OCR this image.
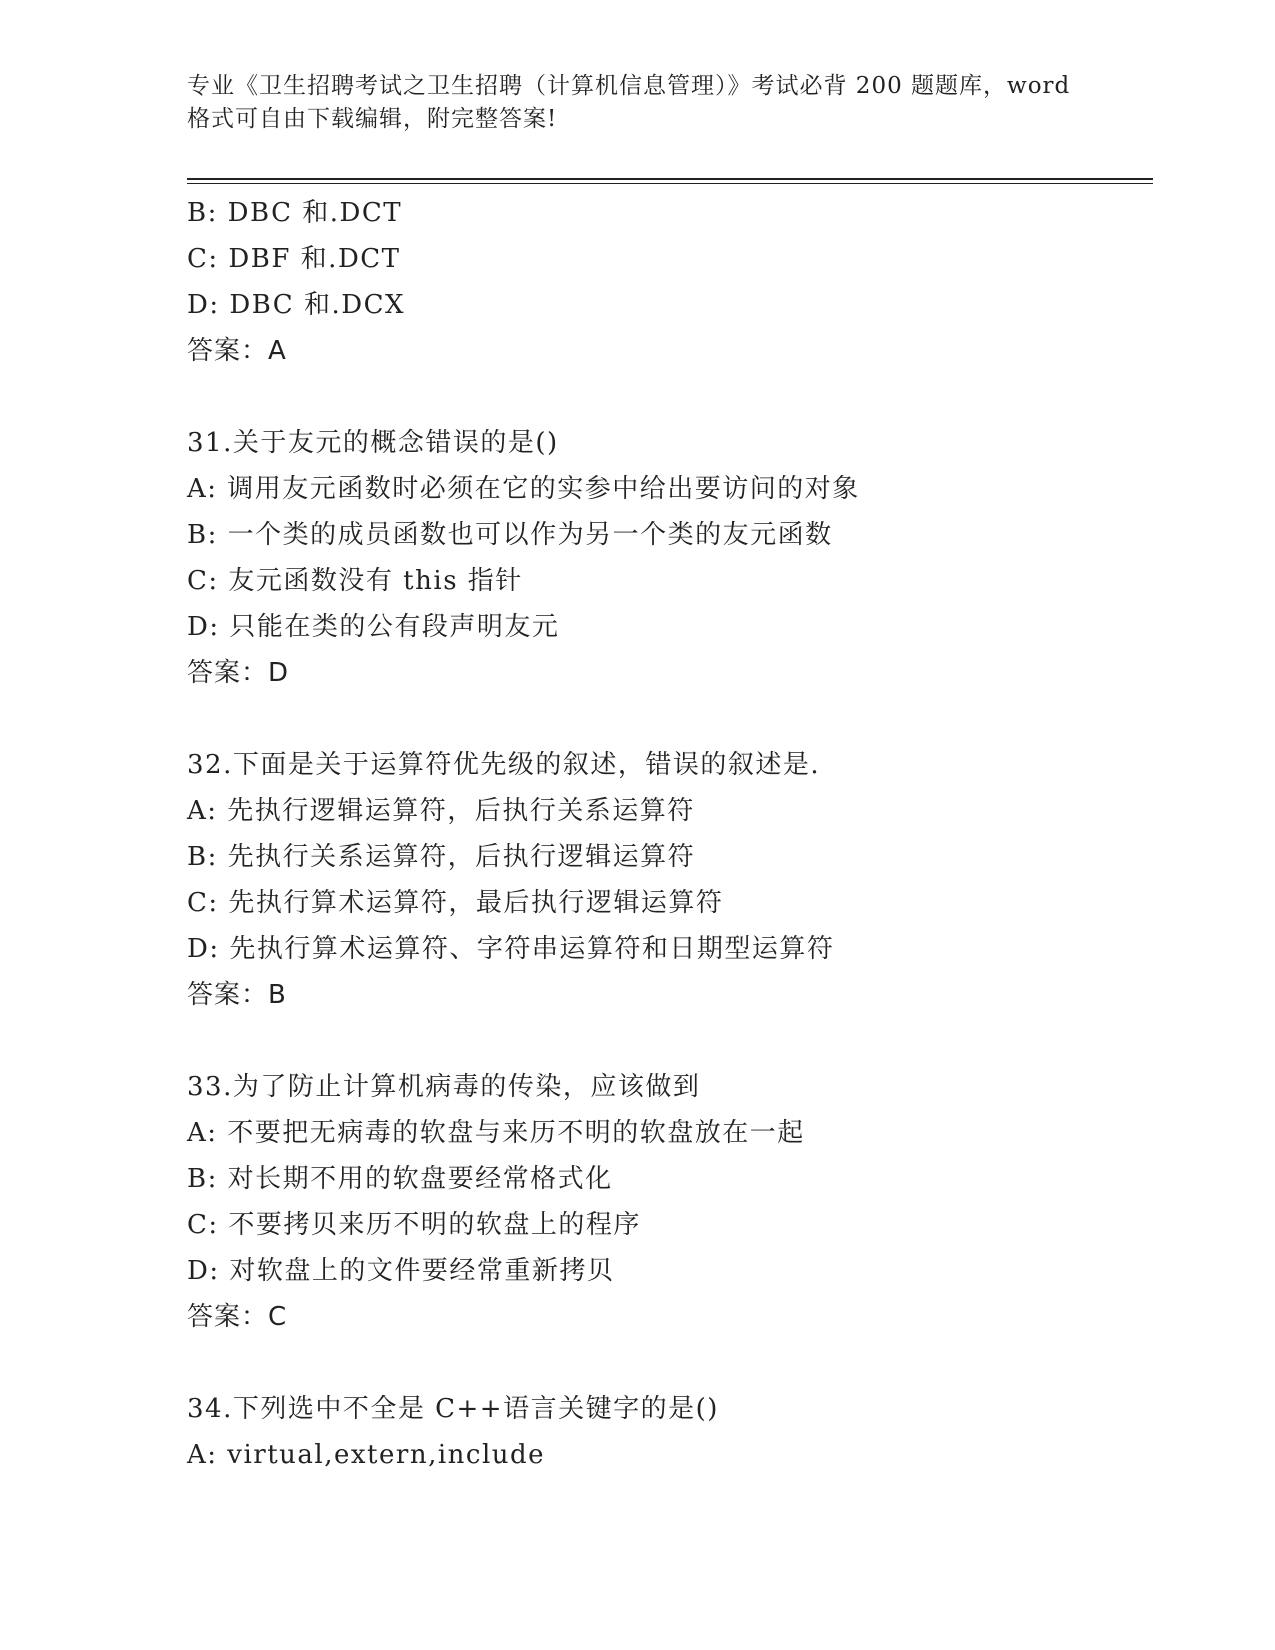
专业《卫生招聘考试之卫生招聘（计算机信息管理）》考试必背 200 题题库，word
格式可自由下载编辑，附完整答案!
B: DBC 和.DCT
C: DBF 和.DCT
D: DBC 和.DCX
答案：A
31.关于友元的概念错误的是()
A: 调用友元函数时必须在它的实参中给出要访问的对象
B: 一个类的成员函数也可以作为另一个类的友元函数
C: 友元函数没有 this 指针
D: 只能在类的公有段声明友元
答案：D
32.下面是关于运算符优先级的叙述，错误的叙述是.
A: 先执行逻辑运算符，后执行关系运算符
B: 先执行关系运算符，后执行逻辑运算符
C: 先执行算术运算符，最后执行逻辑运算符
D: 先执行算术运算符、字符串运算符和日期型运算符
答案：B
33.为了防止计算机病毒的传染，应该做到
A: 不要把无病毒的软盘与来历不明的软盘放在一起
B: 对长期不用的软盘要经常格式化
C: 不要拷贝来历不明的软盘上的程序
D: 对软盘上的文件要经常重新拷贝
答案：C
34.下列选中不全是 C++语言关键字的是()
A: virtual,extern,include
